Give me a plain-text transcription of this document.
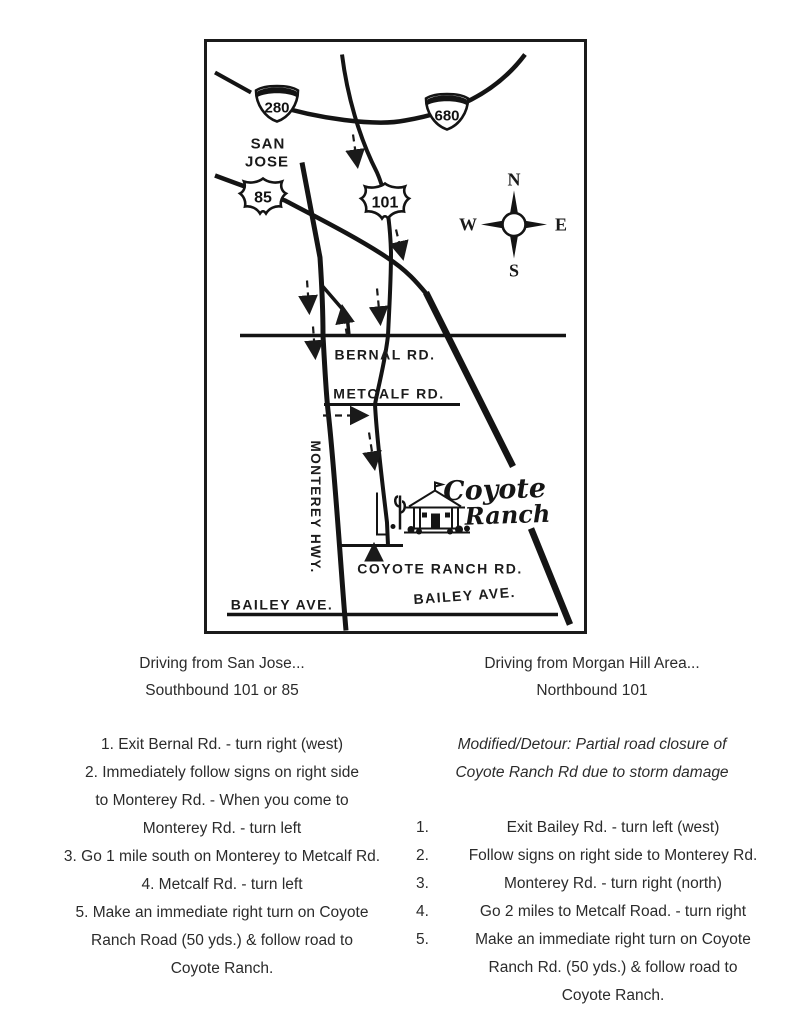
280	680
85	101
SAN
JOSE
N
S
W	E
BERNAL RD.
METCALF RD.
MONTEREY HWY. COYOTE RANCH RD.
BAILEY AVE.	BAILEY AVE.
Coyote
Ranch
Driving from San Jose...
Southbound 101 or 85
1. Exit Bernal Rd. - turn right (west)
2. Immediately follow signs on right side
to Monterey Rd. - When you come to
Monterey Rd. - turn left
3. Go 1 mile south on Monterey to Metcalf Rd.
4. Metcalf Rd. - turn left
5. Make an immediate right turn on Coyote
Ranch Road (50 yds.) & follow road to
Coyote Ranch.
Driving from Morgan Hill Area...
Northbound 101
Modified/Detour: Partial road closure of
Coyote Ranch Rd due to storm damage
1.	Exit Bailey Rd. - turn left (west)
2.	Follow signs on right side to Monterey Rd.
3.	Monterey Rd. - turn right (north)
4.	Go 2 miles to Metcalf Road. - turn right
5.	Make an immediate right turn on Coyote
Ranch Rd. (50 yds.) & follow road to
Coyote Ranch.
